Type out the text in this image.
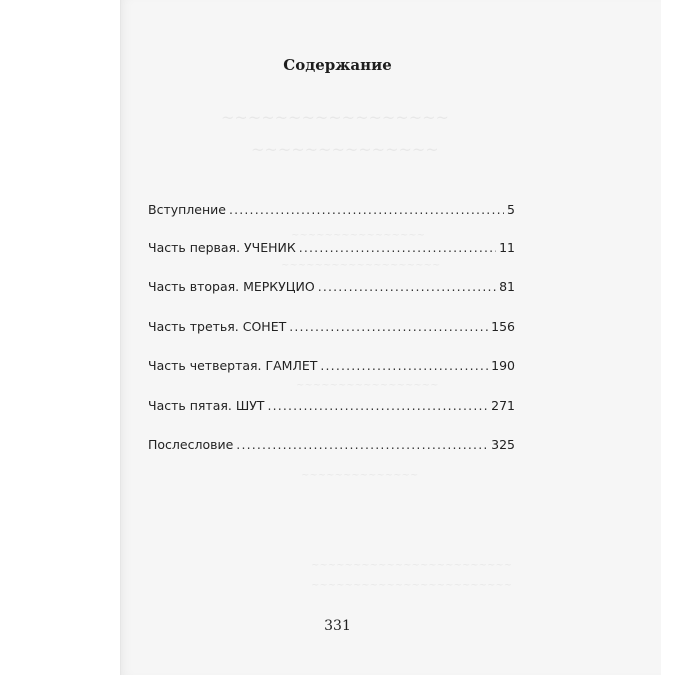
~~~~~~~~~~~~~~~~~
~~~~~~~~~~~~~~
~~~~~~~~~~~~~~~~
~~~~~~~~~~~~~~~~~~~
~~~~~~~~~~~~~~~~~
~~~~~~~~~~~~~~
~~~~~~~~~~~~~~~~~~~~~~~~
~~~~~~~~~~~~~~~~~~~~~~~~
Содержание
Вступление . . .	5
Часть первая. УЧЕНИК . . .	11
Часть вторая. МЕРКУЦИО . . .	81
Часть третья. СОНЕТ . . .	156
Часть четвертая. ГАМЛЕТ . . .	190
Часть пятая. ШУТ . . .	271
Послесловие . . .	325
331
